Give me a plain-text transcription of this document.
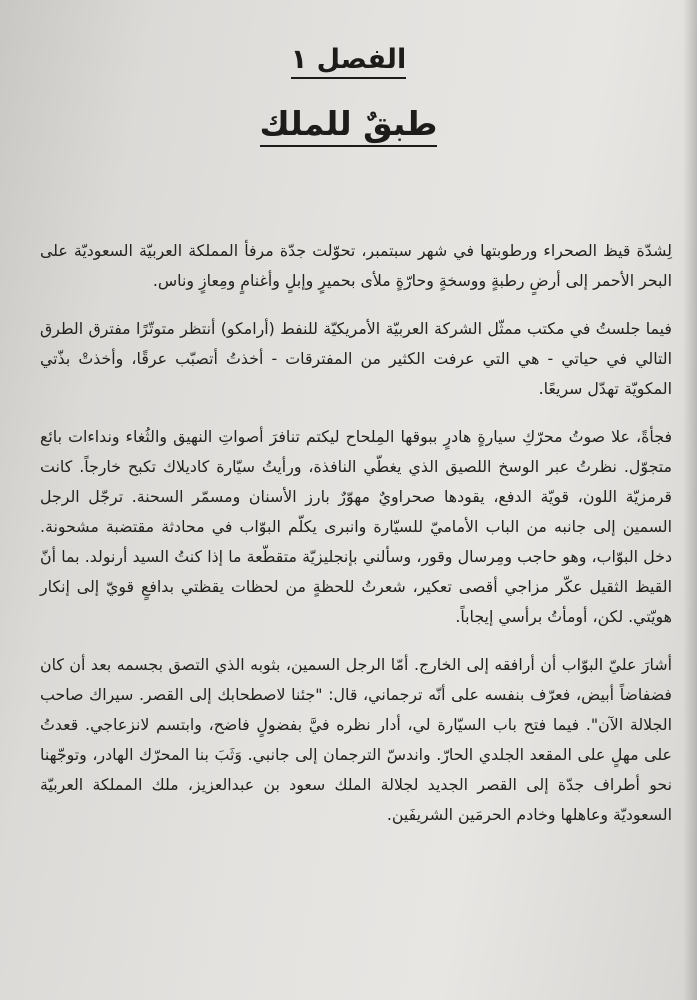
الفصل ١
طبقٌ للملك

لِشدّة قيظ الصحراء ورطوبتها في شهر سبتمبر، تحوّلت جدّة مرفأ المملكة العربيّة السعوديّة على البحر الأحمر إلى أرضٍ رطبةٍ ووسخةٍ وحارّةٍ ملأى بحميرٍ وإبلٍ وأغنامٍ ومِعازٍ وناس.

فيما جلستُ في مكتب ممثّل الشركة العربيّة الأمريكيّة للنفط (أرامكو) أنتظر متوتّرًا مفترق الطرق التالي في حياتي - هي التي عرفت الكثير من المفترقات - أخذتُ أتصبّب عرقًا، وأخذتْ بذّتي المكويّة تهدّل سريعًا.

فجأةً، علا صوتُ محرّكِ سيارةٍ هادرٍ ببوقها المِلحاح ليكتم تنافرَ أصواتِ النهيق والثُغاء ونداءات بائع متجوّل. نظرتُ عبر الوسخ اللصيق الذي يغطّي النافذة، ورأيتُ سيّارة كاديلاك تكبح خارجاً. كانت قرمزيّة اللون، قويّة الدفع، يقودها صحراويٌ مهوّرٌ بارز الأسنان ومسمّر السحنة. ترجّل الرجل السمين إلى جانبه من الباب الأماميّ للسيّارة وانبرى يكلّم البوّاب في محادثة مقتضبة مشحونة. دخل البوّاب، وهو حاجب ومِرسال وقور، وسألني بإنجليزيّة متقطّعة ما إذا كنتُ السيد أرنولد. بما أنّ القيظ الثقيل عكّر مزاجي أقصى تعكير، شعرتُ للحظةٍ من لحظات يقظتي بدافعٍ قويّ إلى إنكار هويّتي. لكن، أومأتُ برأسي إيجاباً.

أشارَ عليّ البوّاب أن أرافقه إلى الخارج. أمّا الرجل السمين، بثوبه الذي التصق بجسمه بعد أن كان فضفاضاً أبيض، فعرّف بنفسه على أنّه ترجماني، قال: "جئنا لاصطحابك إلى القصر. سيراك صاحب الجلالة الآن". فيما فتح باب السيّارة لي، أدار نظره فيَّ بفضولٍ فاضح، وابتسم لانزعاجي. قعدتُ على مهلٍ على المقعد الجلدي الحارّ. واندسّ الترجمان إلى جانبي. وَثَبَ بنا المحرّك الهادر، وتوجّهنا نحو أطراف جدّة إلى القصر الجديد لجلالة الملك سعود بن عبدالعزيز، ملك المملكة العربيّة السعوديّة وعاهلها وخادم الحرمَين الشريفَين.
